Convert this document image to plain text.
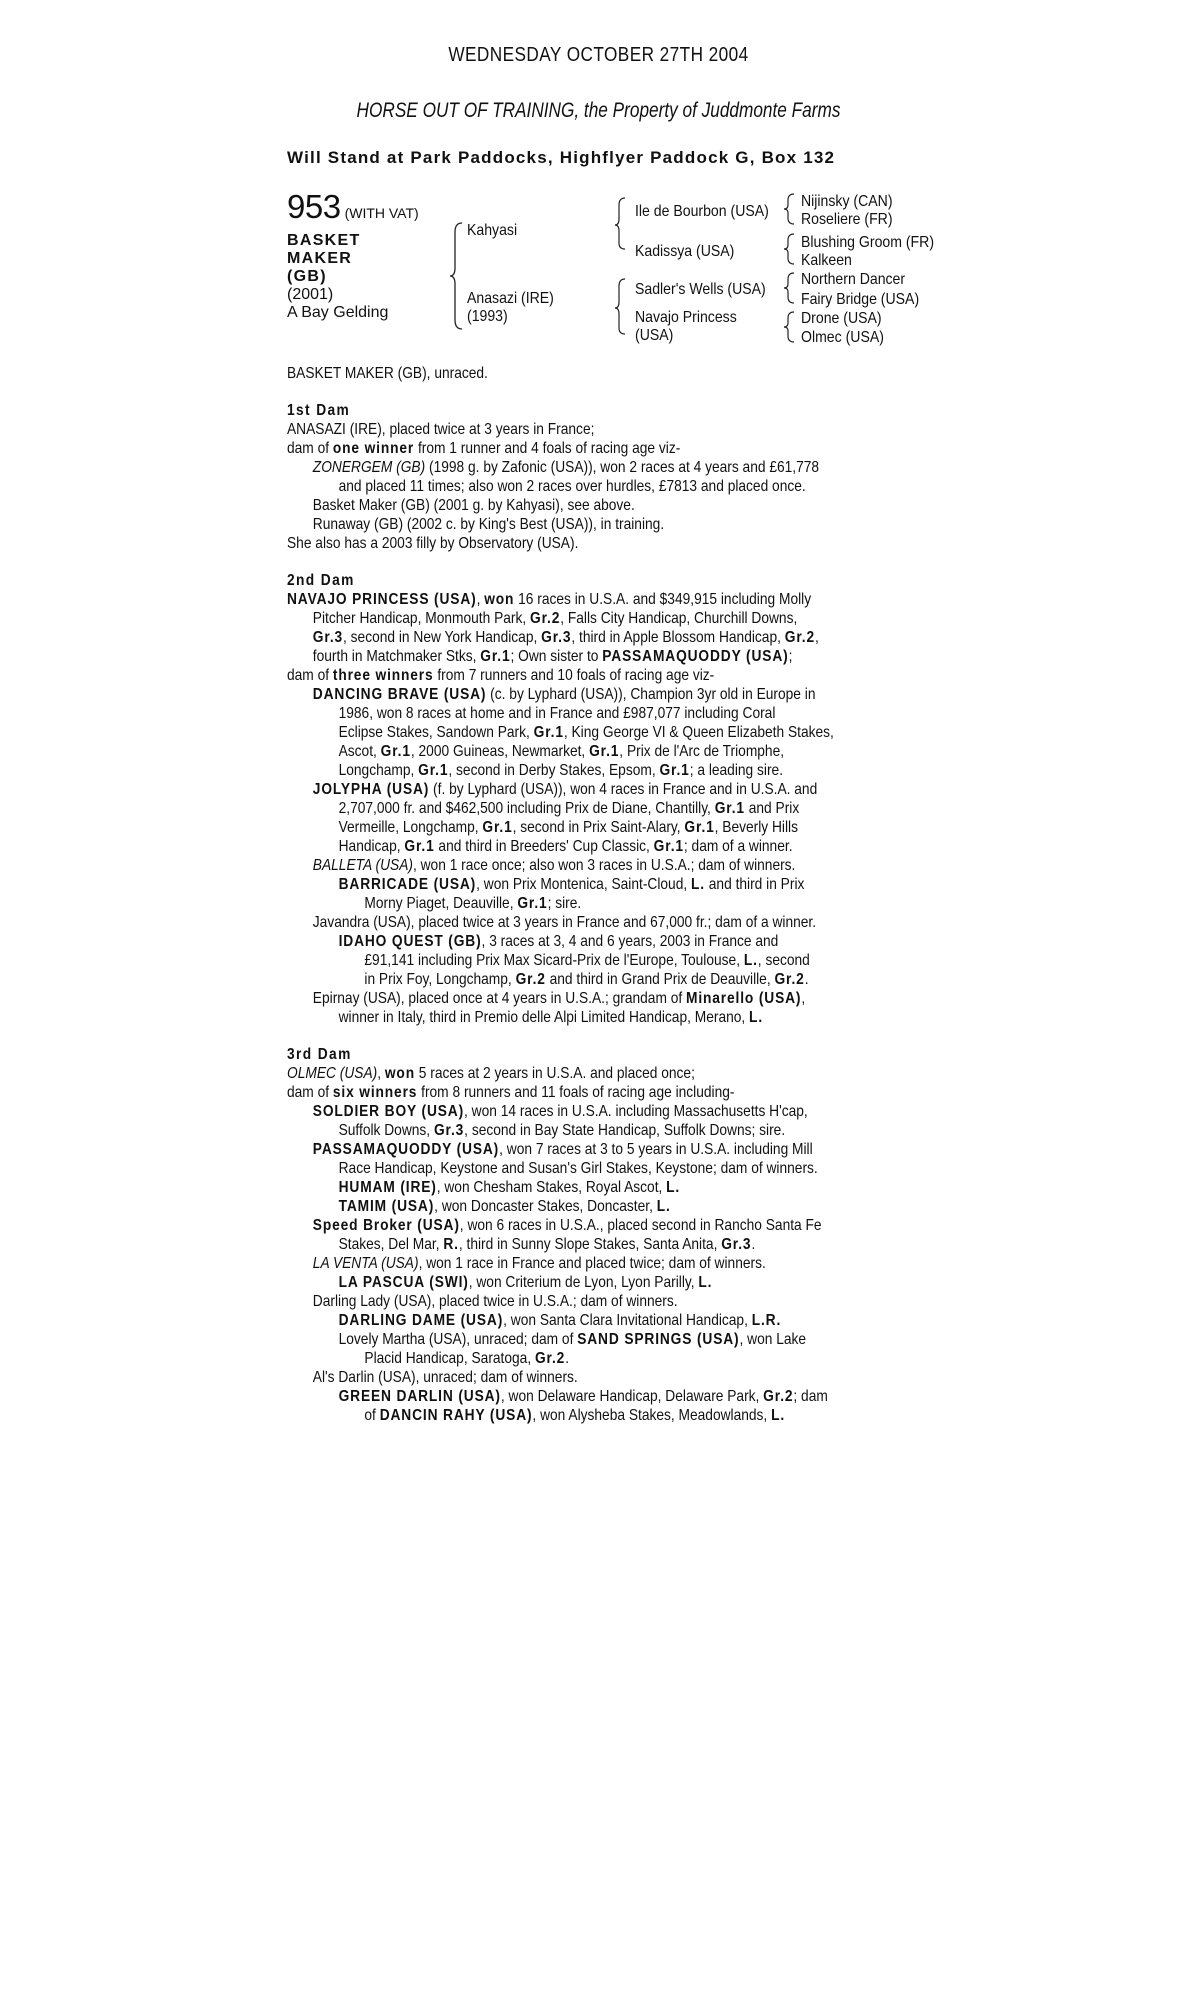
WEDNESDAY OCTOBER 27TH 2004
HORSE OUT OF TRAINING, the Property of Juddmonte Farms
Will Stand at Park Paddocks, Highflyer Paddock G, Box 132
953 (WITH VAT)
BASKET MAKER
(GB)
(2001)
A Bay Gelding
Kahyasi
Anasazi (IRE)
(1993)
Ile de Bourbon (USA)
Kadissya (USA)
Sadler's Wells (USA)
Navajo Princess
(USA)
Nijinsky (CAN)
Roseliere (FR)
Blushing Groom (FR)
Kalkeen
Northern Dancer
Fairy Bridge (USA)
Drone (USA)
Olmec (USA)

BASKET MAKER (GB), unraced.

1st Dam

ANASAZI (IRE), placed twice at 3 years in France;

dam of one winner from 1 runner and 4 foals of racing age viz-

ZONERGEM (GB) (1998 g. by Zafonic (USA)), won 2 races at 4 years and £61,778

and placed 11 times; also won 2 races over hurdles, £7813 and placed once.

Basket Maker (GB) (2001 g. by Kahyasi), see above.

Runaway (GB) (2002 c. by King's Best (USA)), in training.

She also has a 2003 filly by Observatory (USA).

2nd Dam

NAVAJO PRINCESS (USA), won 16 races in U.S.A. and $349,915 including Molly

Pitcher Handicap, Monmouth Park, Gr.2, Falls City Handicap, Churchill Downs,

Gr.3, second in New York Handicap, Gr.3, third in Apple Blossom Handicap, Gr.2,

fourth in Matchmaker Stks, Gr.1; Own sister to PASSAMAQUODDY (USA);

dam of three winners from 7 runners and 10 foals of racing age viz-

DANCING BRAVE (USA) (c. by Lyphard (USA)), Champion 3yr old in Europe in

1986, won 8 races at home and in France and £987,077 including Coral

Eclipse Stakes, Sandown Park, Gr.1, King George VI & Queen Elizabeth Stakes,

Ascot, Gr.1, 2000 Guineas, Newmarket, Gr.1, Prix de l'Arc de Triomphe,

Longchamp, Gr.1, second in Derby Stakes, Epsom, Gr.1; a leading sire.

JOLYPHA (USA) (f. by Lyphard (USA)), won 4 races in France and in U.S.A. and

2,707,000 fr. and $462,500 including Prix de Diane, Chantilly, Gr.1 and Prix

Vermeille, Longchamp, Gr.1, second in Prix Saint-Alary, Gr.1, Beverly Hills

Handicap, Gr.1 and third in Breeders' Cup Classic, Gr.1; dam of a winner.

BALLETA (USA), won 1 race once; also won 3 races in U.S.A.; dam of winners.

BARRICADE (USA), won Prix Montenica, Saint-Cloud, L. and third in Prix

Morny Piaget, Deauville, Gr.1; sire.

Javandra (USA), placed twice at 3 years in France and 67,000 fr.; dam of a winner.

IDAHO QUEST (GB), 3 races at 3, 4 and 6 years, 2003 in France and

£91,141 including Prix Max Sicard-Prix de l'Europe, Toulouse, L., second

in Prix Foy, Longchamp, Gr.2 and third in Grand Prix de Deauville, Gr.2.

Epirnay (USA), placed once at 4 years in U.S.A.; grandam of Minarello (USA),

winner in Italy, third in Premio delle Alpi Limited Handicap, Merano, L.

3rd Dam

OLMEC (USA), won 5 races at 2 years in U.S.A. and placed once;

dam of six winners from 8 runners and 11 foals of racing age including-

SOLDIER BOY (USA), won 14 races in U.S.A. including Massachusetts H'cap,

Suffolk Downs, Gr.3, second in Bay State Handicap, Suffolk Downs; sire.

PASSAMAQUODDY (USA), won 7 races at 3 to 5 years in U.S.A. including Mill

Race Handicap, Keystone and Susan's Girl Stakes, Keystone; dam of winners.

HUMAM (IRE), won Chesham Stakes, Royal Ascot, L.

TAMIM (USA), won Doncaster Stakes, Doncaster, L.

Speed Broker (USA), won 6 races in U.S.A., placed second in Rancho Santa Fe

Stakes, Del Mar, R., third in Sunny Slope Stakes, Santa Anita, Gr.3.

LA VENTA (USA), won 1 race in France and placed twice; dam of winners.

LA PASCUA (SWI), won Criterium de Lyon, Lyon Parilly, L.

Darling Lady (USA), placed twice in U.S.A.; dam of winners.

DARLING DAME (USA), won Santa Clara Invitational Handicap, L.R.

Lovely Martha (USA), unraced; dam of SAND SPRINGS (USA), won Lake

Placid Handicap, Saratoga, Gr.2.

Al's Darlin (USA), unraced; dam of winners.

GREEN DARLIN (USA), won Delaware Handicap, Delaware Park, Gr.2; dam

of DANCIN RAHY (USA), won Alysheba Stakes, Meadowlands, L.
